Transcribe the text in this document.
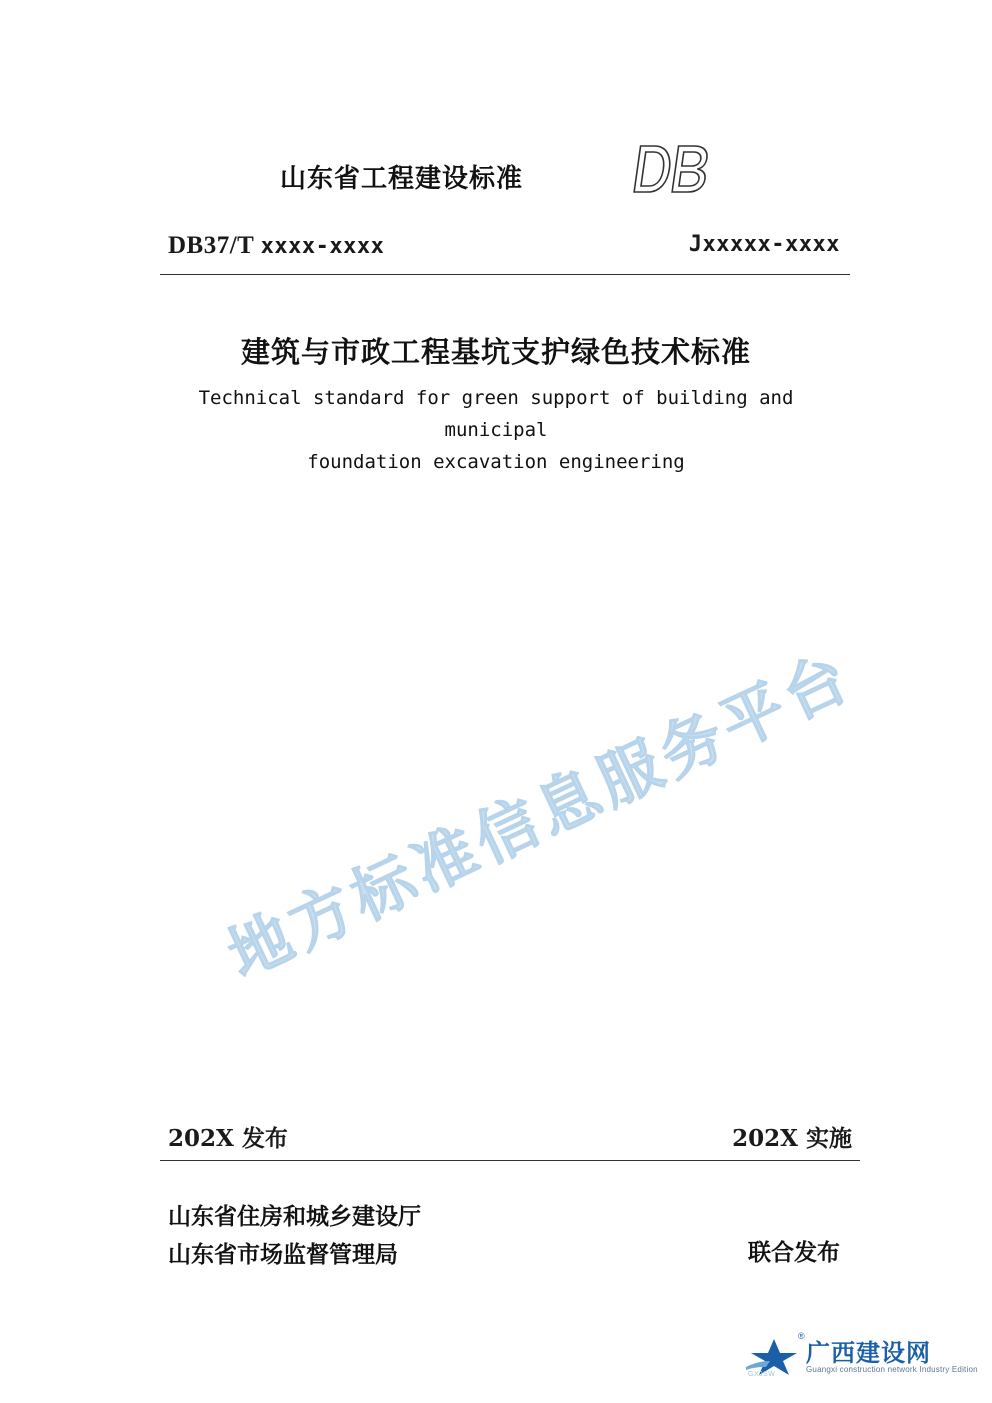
山东省工程建设标准
DB37/T xxxx-xxxx	Jxxxxx-xxxx
建筑与市政工程基坑支护绿色技术标准
Technical standard for green support of building and municipal
foundation excavation engineering
地方标准信息服务平台
202X 发布	202X 实施
山东省住房和城乡建设厅
山东省市场监督管理局	联合发布
®
广西建设网
Guangxi construction network Industry Edition
GXJSW
